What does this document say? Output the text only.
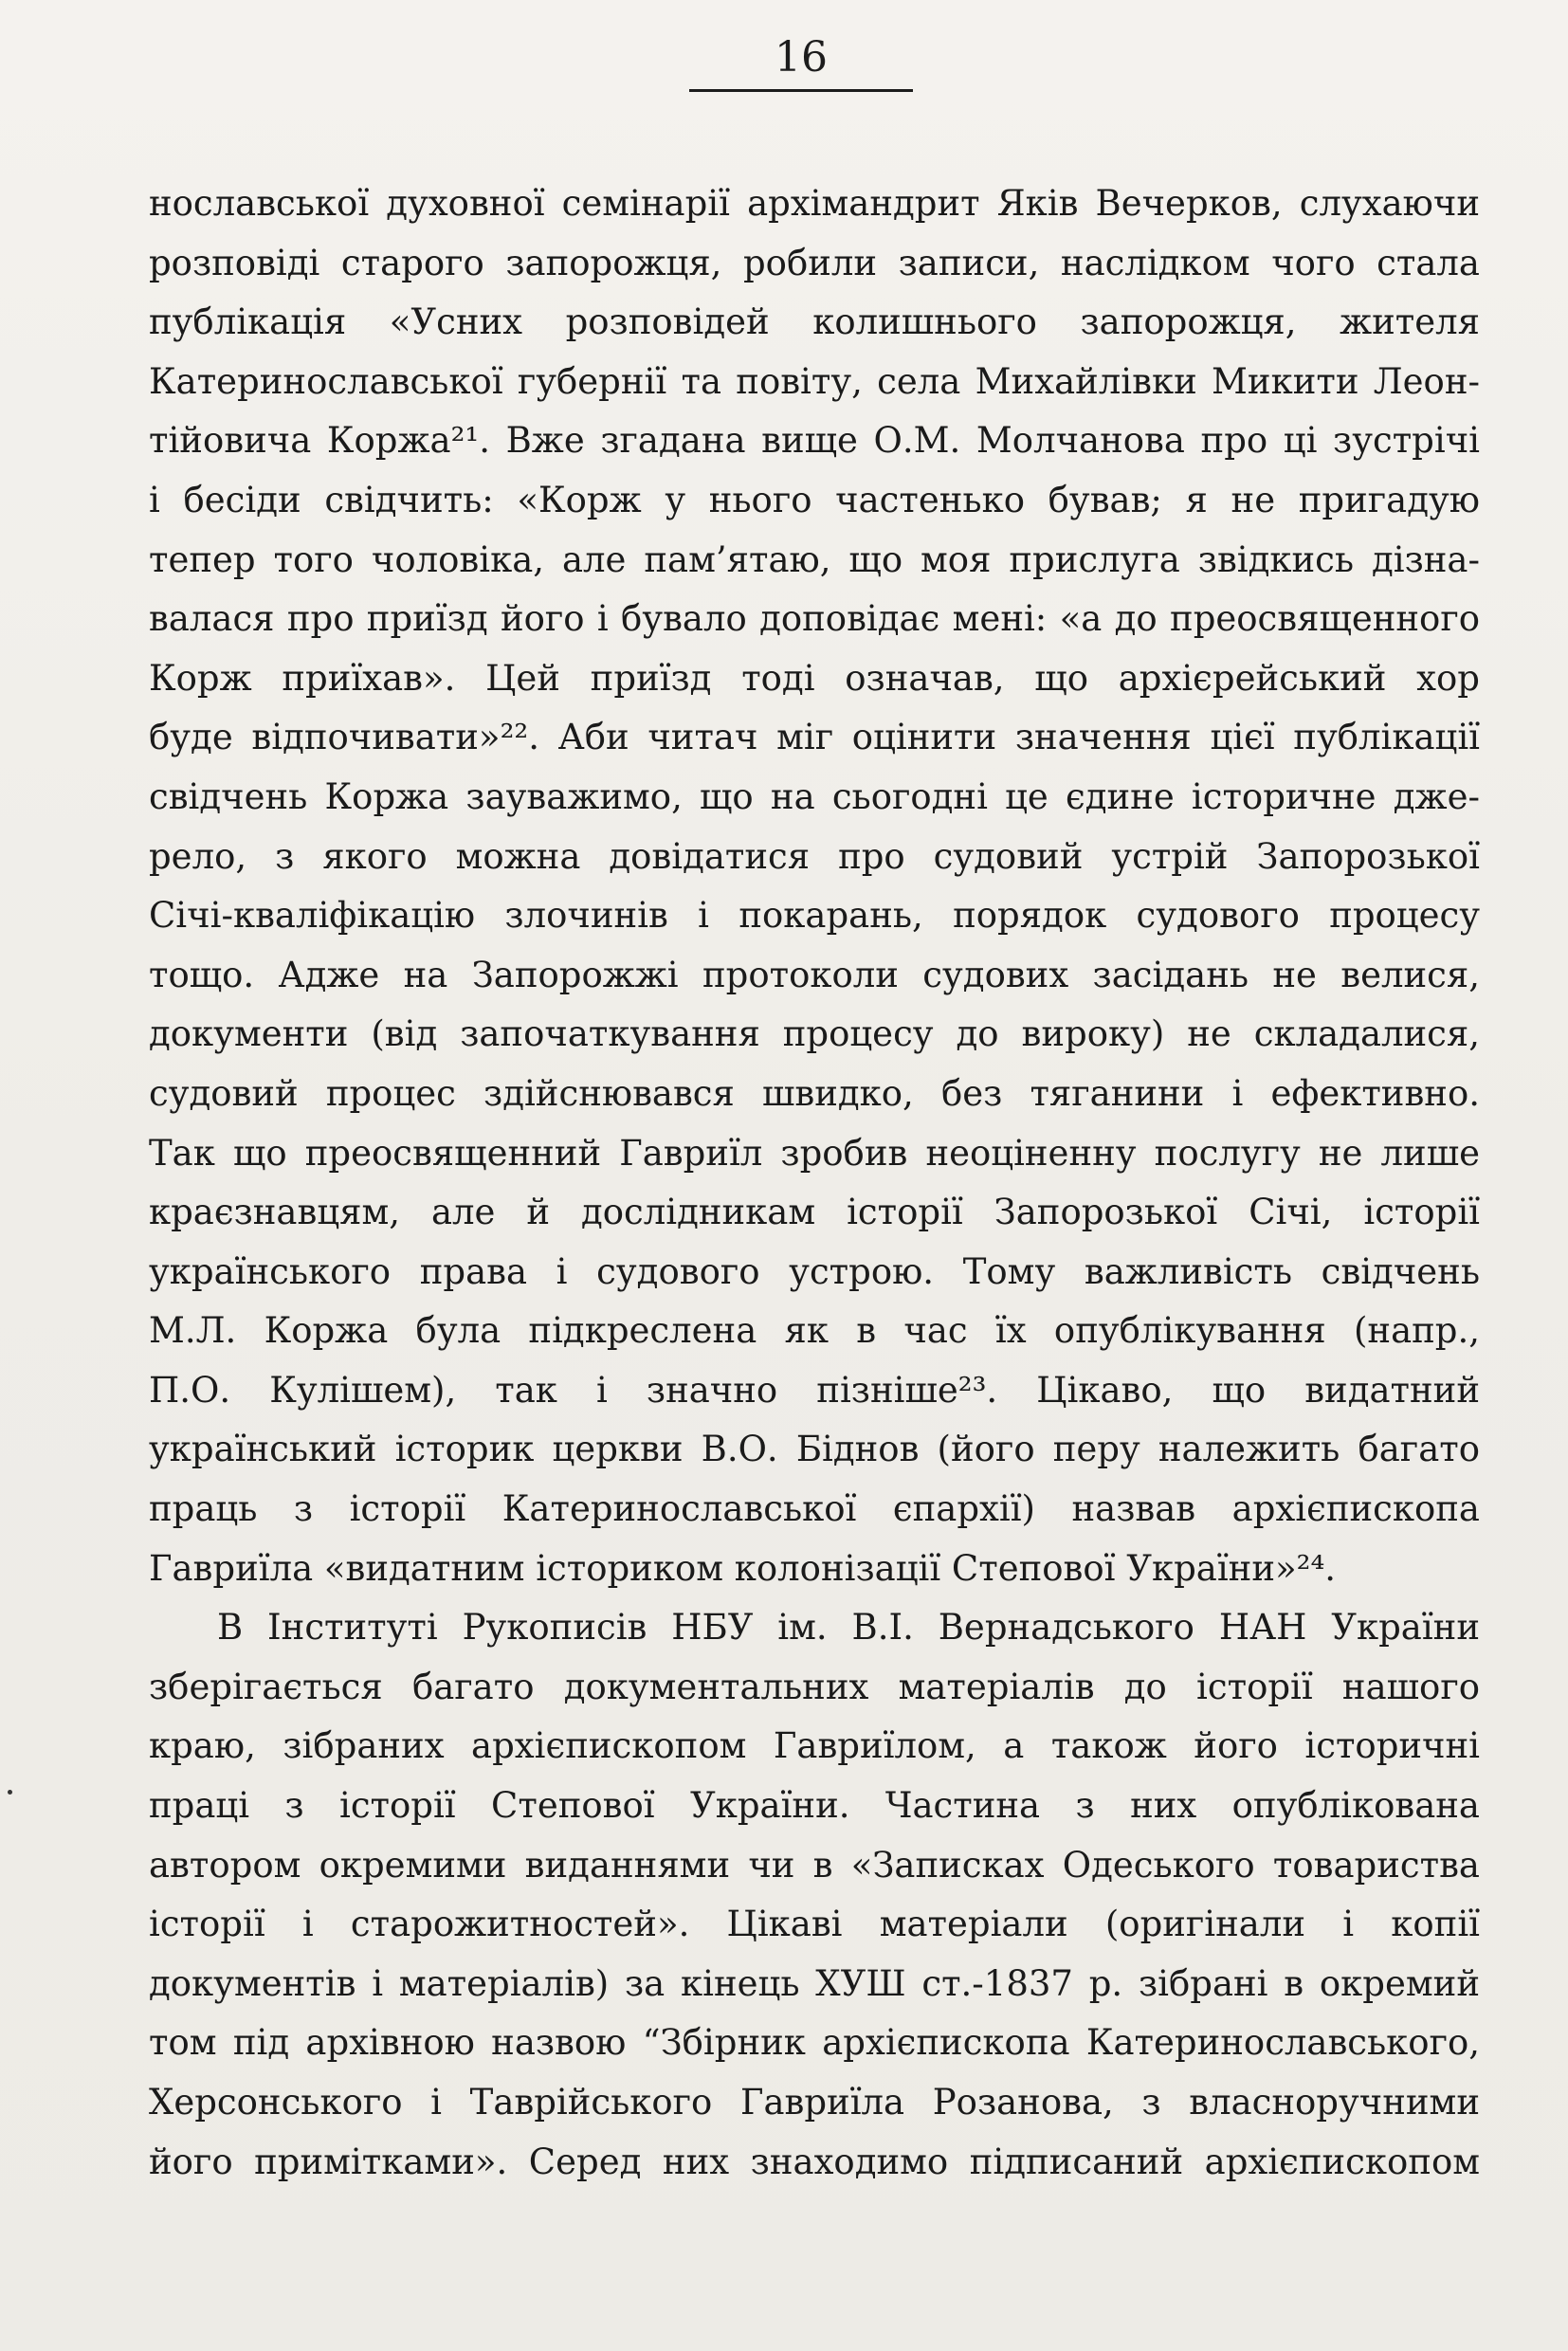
16
нославської духовної семінарії архімандрит Яків Вечерков, слухаючи
розповіді старого запорожця, робили записи, наслідком чого стала
публікація «Усних розповідей колишнього запорожця, жителя
Катеринославської губернії та повіту, села Михайлівки Микити Леон-
тійовича Коржа²¹. Вже згадана вище О.М. Молчанова про ці зустрічі
і бесіди свідчить: «Корж у нього частенько бував; я не пригадую
тепер того чоловіка, але пам’ятаю, що моя прислуга звідкись дізна-
валася про приїзд його і бувало доповідає мені: «а до преосвященного
Корж приїхав». Цей приїзд тоді означав, що архієрейський хор
буде відпочивати»²². Аби читач міг оцінити значення цієї публікації
свідчень Коржа зауважимо, що на сьогодні це єдине історичне дже-
рело, з якого можна довідатися про судовий устрій Запорозької
Січі-кваліфікацію злочинів і покарань, порядок судового процесу
тощо. Адже на Запорожжі протоколи судових засідань не велися,
документи (від започаткування процесу до вироку) не складалися,
судовий процес здійснювався швидко, без тяганини і ефективно.
Так що преосвященний Гавриїл зробив неоціненну послугу не лише
краєзнавцям, але й дослідникам історії Запорозької Січі, історії
українського права і судового устрою. Тому важливість свідчень
М.Л. Коржа була підкреслена як в час їх опублікування (напр.,
П.О. Кулішем), так і значно пізніше²³. Цікаво, що видатний
український історик церкви В.О. Біднов (його перу належить багато
праць з історії Катеринославської єпархії) назвав архієпископа
Гавриїла «видатним істориком колонізації Степової України»²⁴.
В Інституті Рукописів НБУ ім. В.І. Вернадського НАН України
зберігається багато документальних матеріалів до історії нашого
краю, зібраних архієпископом Гавриїлом, а також його історичні
праці з історії Степової України. Частина з них опублікована
автором окремими виданнями чи в «Записках Одеського товариства
історії і старожитностей». Цікаві матеріали (оригінали і копії
документів і матеріалів) за кінець ХУШ ст.-1837 р. зібрані в окремий
том під архівною назвою “Збірник архієпископа Катеринославського,
Херсонського і Таврійського Гавриїла Розанова, з власноручними
його примітками». Серед них знаходимо підписаний архієпископом
